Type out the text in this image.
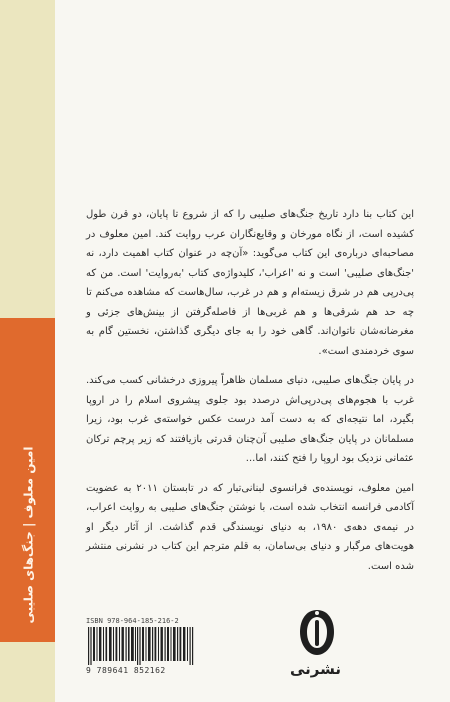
امین معلوف | جنگ‌های صلیبی

این کتاب بنا دارد تاریخ جنگ‌های صلیبی را که از شروع تا پایان، دو قرن طول کشیده است، از نگاه مورخان و وقایع‌نگاران عرب روایت کند. امین معلوف در مصاحبه‌ای درباره‌ی این کتاب می‌گوید: «آن‌چه در عنوان کتاب اهمیت دارد، نه 'جنگ‌های صلیبی' است و نه 'اعراب'، کلیدواژه‌ی کتاب 'به‌روایت' است. من که پی‌درپی هم در شرق زیسته‌ام و هم در غرب، سال‌هاست که مشاهده می‌کنم تا چه حد هم شرقی‌ها و هم غربی‌ها از فاصله‌گرفتن از بینش‌های جزئی و مغرضانه‌شان ناتوان‌اند. گاهی خود را به جای دیگری گذاشتن، نخستین گام به سوی خردمندی است».

در پایان جنگ‌های صلیبی، دنیای مسلمان ظاهراً پیروزی درخشانی کسب می‌کند. غرب با هجوم‌های پی‌درپی‌اش درصدد بود جلوی پیشروی اسلام را در اروپا بگیرد، اما نتیجه‌ای که به دست آمد درست عکس خواسته‌ی غرب بود، زیرا مسلمانان در پایان جنگ‌های صلیبی آن‌چنان قدرتی بازیافتند که زیر پرچم ترکان عثمانی نزدیک بود اروپا را فتح کنند، اما...

امین معلوف، نویسنده‌ی فرانسوی لبنانی‌تبار که در تابستان ۲۰۱۱ به عضویت آکادمی فرانسه انتخاب شده است، با نوشتن جنگ‌های صلیبی به روایت اعراب، در نیمه‌ی دهه‌ی ۱۹۸۰، به دنیای نویسندگی قدم گذاشت. از آثار دیگر او هویت‌های مرگبار و دنیای بی‌سامان، به قلم مترجم این کتاب در نشرنی منتشر شده است.

ISBN 978-964-185-216-2
9 789641 852162	نشرنی
